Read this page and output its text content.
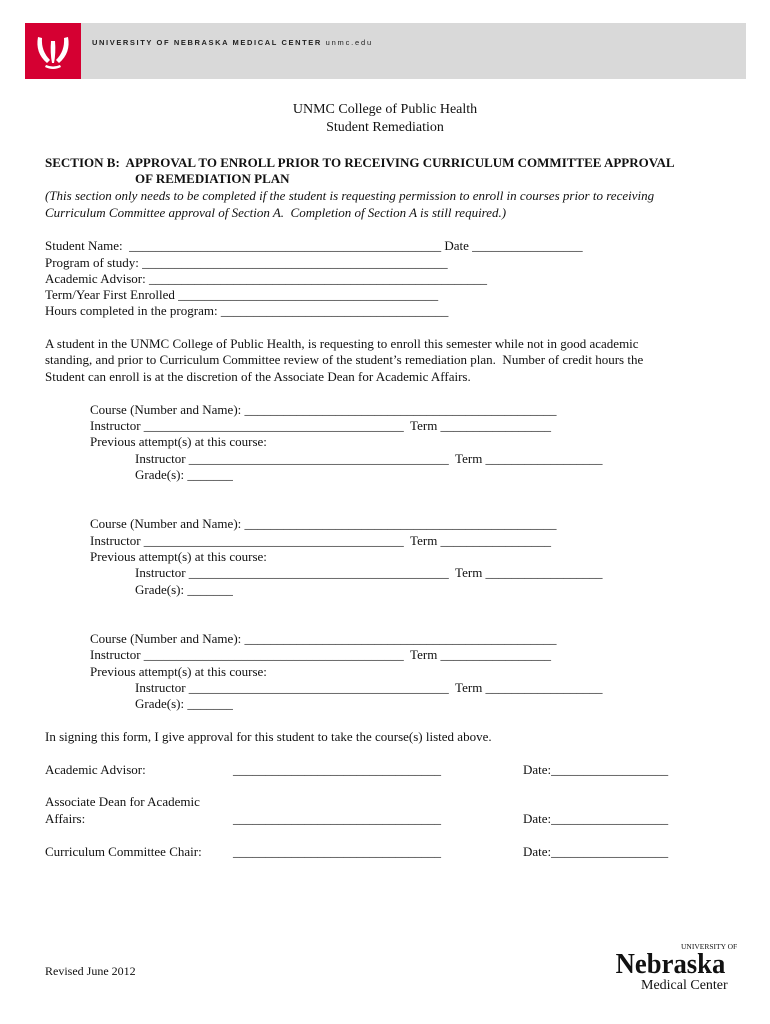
UNIVERSITY OF NEBRASKA MEDICAL CENTER unmc.edu
UNMC College of Public Health
Student Remediation
SECTION B:  APPROVAL TO ENROLL PRIOR TO RECEIVING CURRICULUM COMMITTEE APPROVAL
OF REMEDIATION PLAN
(This section only needs to be completed if the student is requesting permission to enroll in courses prior to receiving
Curriculum Committee approval of Section A.  Completion of Section A is still required.)
Student Name:  ________________________________________________ Date _________________
Program of study: _______________________________________________
Academic Advisor: ____________________________________________________
Term/Year First Enrolled ________________________________________
Hours completed in the program: ___________________________________
A student in the UNMC College of Public Health, is requesting to enroll this semester while not in good academic
standing, and prior to Curriculum Committee review of the student’s remediation plan.  Number of credit hours the
Student can enroll is at the discretion of the Associate Dean for Academic Affairs.
Course (Number and Name): ________________________________________________
Instructor ________________________________________  Term _________________
Previous attempt(s) at this course:
Instructor ________________________________________  Term __________________
Grade(s): _______
Course (Number and Name): ________________________________________________
Instructor ________________________________________  Term _________________
Previous attempt(s) at this course:
Instructor ________________________________________  Term __________________
Grade(s): _______
Course (Number and Name): ________________________________________________
Instructor ________________________________________  Term _________________
Previous attempt(s) at this course:
Instructor ________________________________________  Term __________________
Grade(s): _______
In signing this form, I give approval for this student to take the course(s) listed above.
Academic Advisor:	________________________________	Date:__________________
Associate Dean for Academic
Affairs:	________________________________	Date:__________________
Curriculum Committee Chair: ________________________________	Date:__________________
Revised June 2012
UNIVERSITY OF
Nebraska
Medical Center
